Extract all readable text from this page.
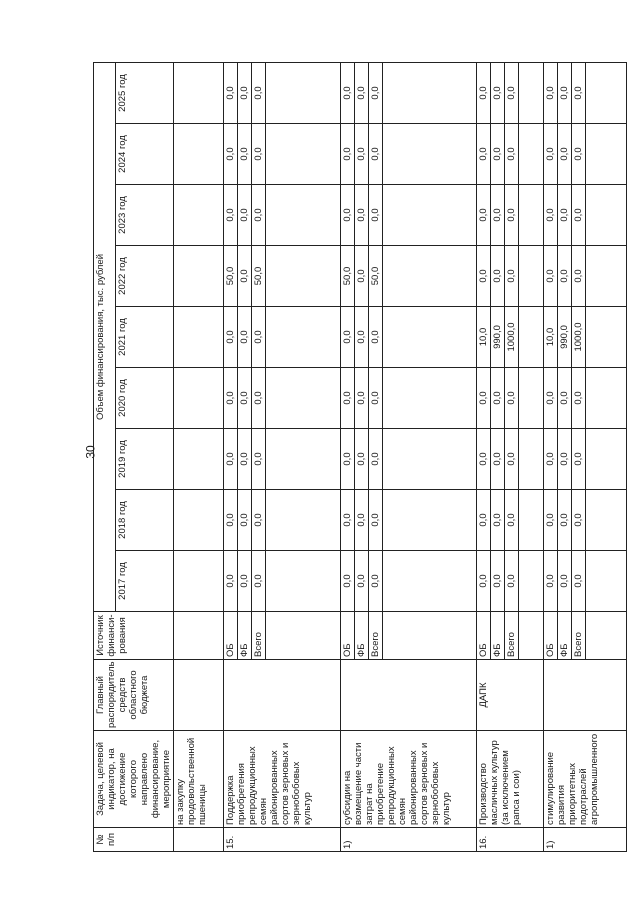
30
№ п/п	Задача, целевой индикатор, на достижение которого направлено финансирование, мероприятие	Главный распорядитель средств областного бюджета	Источник финанси-рования	Объем финансирования, тыс. рублей								
				2017 год	2018 год	2019 год	2020 год	2021 год	2022 год	2023 год	2024 год	2025 год
	на закупку продовольственной пшеницы											
15.	Поддержка приобретения репродукционных семян районированных сортов зерновых и зернобобовых культур		ОБ	0,0	0,0	0,0	0,0	0,0	50,0	0,0	0,0	0,0
			ФБ	0,0	0,0	0,0	0,0	0,0	0,0	0,0	0,0	0,0
			Всего	0,0	0,0	0,0	0,0	0,0	50,0	0,0	0,0	0,0

1)	субсидии на возмещение части затрат на приобретение репродукционных семян районированных сортов зерновых и зернобобовых культур		ОБ	0,0	0,0	0,0	0,0	0,0	50,0	0,0	0,0	0,0
			ФБ	0,0	0,0	0,0	0,0	0,0	0,0	0,0	0,0	0,0
			Всего	0,0	0,0	0,0	0,0	0,0	50,0	0,0	0,0	0,0

16.	Производство масличных культур (за исключением рапса и сои)	ДАПК	ОБ	0,0	0,0	0,0	0,0	10,0	0,0	0,0	0,0	0,0
			ФБ	0,0	0,0	0,0	0,0	990,0	0,0	0,0	0,0	0,0
			Всего	0,0	0,0	0,0	0,0	1000,0	0,0	0,0	0,0	0,0

1)	стимулирование развития приоритетных подотраслей агропромышленного		ОБ	0,0	0,0	0,0	0,0	10,0	0,0	0,0	0,0	0,0
			ФБ	0,0	0,0	0,0	0,0	990,0	0,0	0,0	0,0	0,0
			Всего	0,0	0,0	0,0	0,0	1000,0	0,0	0,0	0,0	0,0
